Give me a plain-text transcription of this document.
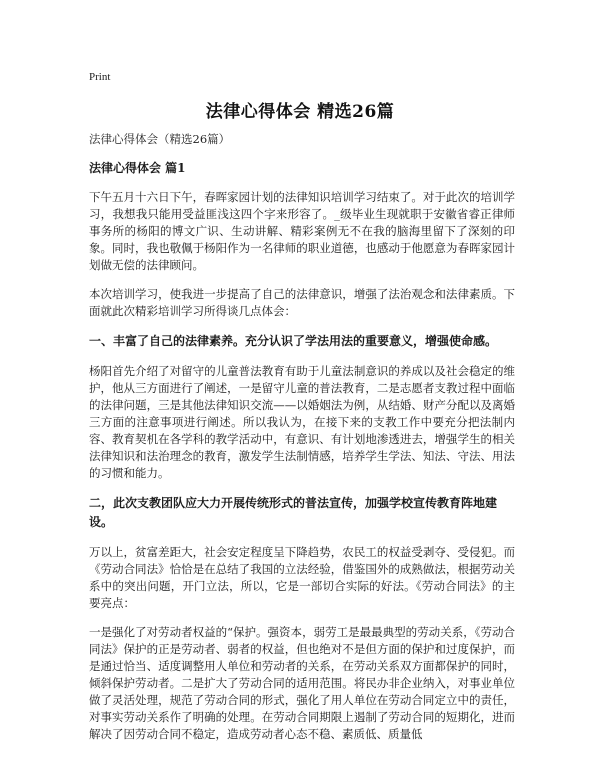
Print
法律心得体会 精选26篇
法律心得体会（精选26篇）
法律心得体会 篇1

下午五月十六日下午，春晖家园计划的法律知识培训学习结束了。对于此次的培训学习，我想我只能用受益匪浅这四个字来形容了。_级毕业生现就职于安徽省睿正律师事务所的杨阳的博文广识、生动讲解、精彩案例无不在我的脑海里留下了深刻的印象。同时，我也敬佩于杨阳作为一名律师的职业道德，也感动于他愿意为春晖家园计划做无偿的法律顾问。

本次培训学习，使我进一步提高了自己的法律意识，增强了法治观念和法律素质。下面就此次精彩培训学习所得谈几点体会：

一、丰富了自己的法律素养。充分认识了学法用法的重要意义，增强使命感。

杨阳首先介绍了对留守的儿童普法教育有助于儿童法制意识的养成以及社会稳定的维护，他从三方面进行了阐述，一是留守儿童的普法教育，二是志愿者支教过程中面临的法律问题，三是其他法律知识交流——以婚姻法为例，从结婚、财产分配以及离婚三方面的注意事项进行阐述。所以我认为，在接下来的支教工作中要充分把法制内容、教育契机在各学科的教学活动中，有意识、有计划地渗透进去，增强学生的相关法律知识和法治理念的教育，激发学生法制情感，培养学生学法、知法、守法、用法的习惯和能力。

二，此次支教团队应大力开展传统形式的普法宣传，加强学校宣传教育阵地建设。

万以上，贫富差距大，社会安定程度呈下降趋势，农民工的权益受剥夺、受侵犯。而《劳动合同法》恰恰是在总结了我国的立法经验，借鉴国外的成熟做法，根据劳动关系中的突出问题，开门立法，所以，它是一部切合实际的好法。《劳动合同法》的主要亮点：

一是强化了对劳动者权益的“保护。强资本，弱劳工是最最典型的劳动关系，《劳动合同法》保护的正是劳动者、弱者的权益，但也绝对不是但方面的保护和过度保护，而是通过恰当、适度调整用人单位和劳动者的关系，在劳动关系双方面都保护的同时，倾斜保护劳动者。二是扩大了劳动合同的适用范围。将民办非企业纳入，对事业单位做了灵活处理，规范了劳动合同的形式，强化了用人单位在劳动合同定立中的责任，对事实劳动关系作了明确的处理。在劳动合同期限上遏制了劳动合同的短期化，进而解决了因劳动合同不稳定，造成劳动者心态不稳、素质低、质量低
